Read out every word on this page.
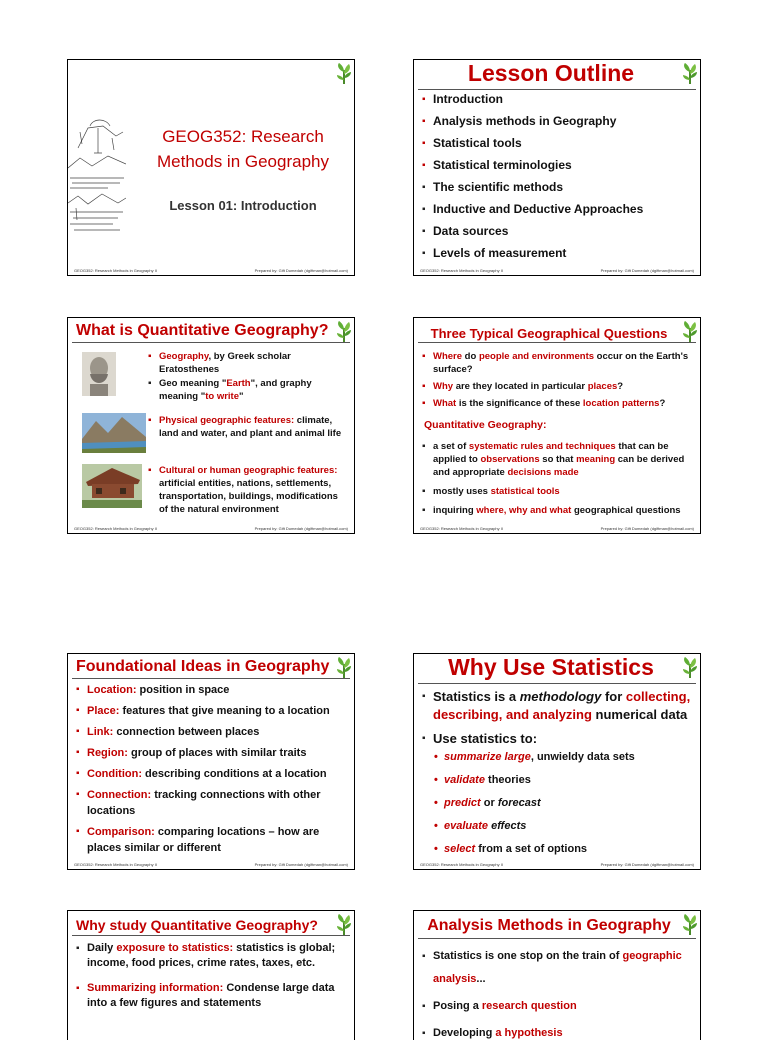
GEOG352: Research
Methods in Geography
Lesson 01: Introduction
GEOG352: Research Methods in Geography II	Prepared by: Gift Dumedah (dgiftman@hotmail.com)
Lesson Outline
▪ Introduction
▪ Analysis methods in Geography
▪ Statistical tools
▪ Statistical terminologies
▪ The scientific methods
▪ Inductive and Deductive Approaches
▪ Data sources
▪ Levels of measurement
GEOG352: Research Methods in Geography II	Prepared by: Gift Dumedah (dgiftman@hotmail.com)
What is Quantitative Geography?
▪ Geography, by Greek scholar Eratosthenes
▪ Geo meaning "Earth", and graphy meaning "to write"
▪ Physical geographic features: climate, land and water, and plant and animal life
▪ Cultural or human geographic features: artificial entities, nations, settlements, transportation, buildings, modifications of the natural environment
GEOG352: Research Methods in Geography II	Prepared by: Gift Dumedah (dgiftman@hotmail.com)
Three Typical Geographical Questions
▪ Where do people and environments occur on the Earth's surface?
▪ Why are they located in particular places?
▪ What is the significance of these location patterns?
Quantitative Geography:
▪ a set of systematic rules and techniques that can be applied to observations so that meaning can be derived and appropriate decisions made
▪ mostly uses statistical tools
▪ inquiring where, why and what geographical questions
GEOG352: Research Methods in Geography II	Prepared by: Gift Dumedah (dgiftman@hotmail.com)
Foundational Ideas in Geography
▪ Location: position in space
▪ Place: features that give meaning to a location
▪ Link: connection between places
▪ Region: group of places with similar traits
▪ Condition: describing conditions at a location
▪ Connection: tracking connections with other locations
▪ Comparison: comparing locations – how are places similar or different
GEOG352: Research Methods in Geography II	Prepared by: Gift Dumedah (dgiftman@hotmail.com)
Why Use Statistics
▪ Statistics is a methodology for collecting, describing, and analyzing numerical data
▪ Use statistics to:
• summarize large, unwieldy data sets
• validate theories
• predict or forecast
• evaluate effects
• select from a set of options
GEOG352: Research Methods in Geography II	Prepared by: Gift Dumedah (dgiftman@hotmail.com)
Why study Quantitative Geography?
▪ Daily exposure to statistics: statistics is global; income, food prices, crime rates, taxes, etc.
▪ Summarizing information: Condense large data into a few figures and statements
Analysis Methods in Geography
▪ Statistics is one stop on the train of geographic analysis...
▪ Posing a research question
▪ Developing a hypothesis
